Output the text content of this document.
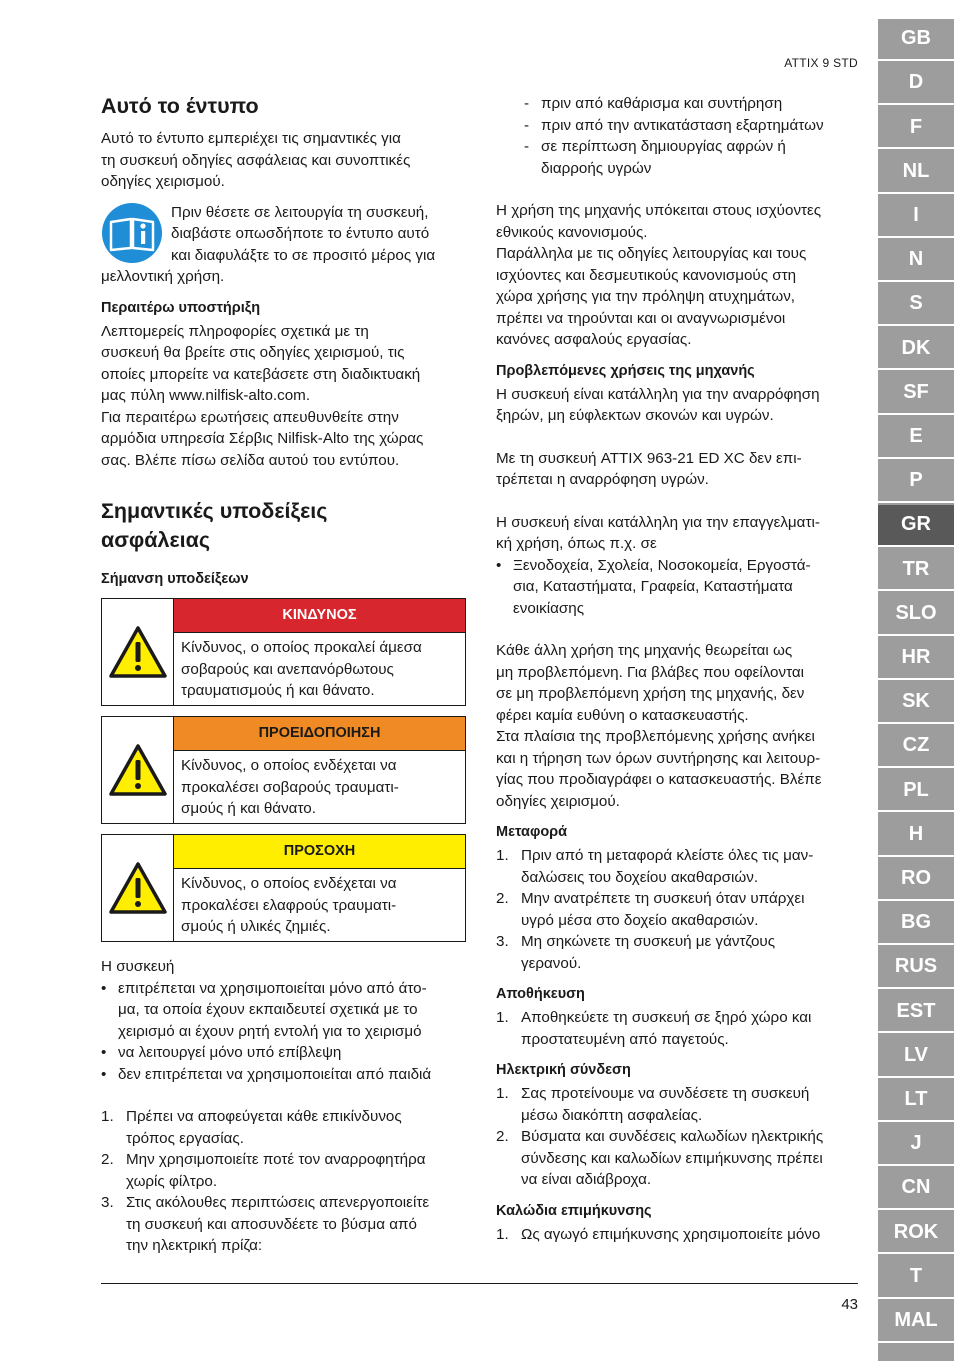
ATTIX 9 STD
Αυτό το έντυπο

Αυτό το έντυπο εμπεριέχει τις σημαντικές για
τη συσκευή οδηγίες ασφάλειας και συνοπτικές
οδηγίες χειρισμού.

Πριν θέσετε σε λειτουργία τη συσκευή,
διαβάστε οπωσδήποτε το έντυπο αυτό
και διαφυλάξτε το σε προσιτό μέρος για
μελλοντική χρήση.

Περαιτέρω υποστήριξη

Λεπτομερείς πληροφορίες σχετικά με τη
συσκευή θα βρείτε στις οδηγίες χειρισμού, τις
οποίες μπορείτε να κατεβάσετε στη διαδικτυακή
μας πύλη www.nilfisk-alto.com.
Για περαιτέρω ερωτήσεις απευθυνθείτε στην
αρμόδια υπηρεσία Σέρβις Nilfisk-Alto της χώρας
σας. Βλέπε πίσω σελίδα αυτού του εντύπου.

Σημαντικές υποδείξεις
ασφάλειας
Σήμανση υποδείξεων
ΚΙΝΔΥΝΟΣ
Κίνδυνος, ο οποίος προκαλεί άμεσα
σοβαρούς και ανεπανόρθωτους
τραυματισμούς ή και θάνατο.
ΠΡΟΕΙΔΟΠΟΙΗΣΗ
Κίνδυνος, ο οποίος ενδέχεται να
προκαλέσει σοβαρούς τραυματι-
σμούς ή και θάνατο.
ΠΡΟΣΟΧΗ
Κίνδυνος, ο οποίος ενδέχεται να
προκαλέσει ελαφρούς τραυματι-
σμούς ή υλικές ζημιές.

Η συσκευή

• επιτρέπεται να χρησιμοποιείται μόνο από άτο-
μα, τα οποία έχουν εκπαιδευτεί σχετικά με το
χειρισμό αι έχουν ρητή εντολή για το χειρισμό
• να λειτουργεί μόνο υπό επίβλεψη
• δεν επιτρέπεται να χρησιμοποιείται από παιδιά
1. Πρέπει να αποφεύγεται κάθε επικίνδυνος
τρόπος εργασίας.
2. Μην χρησιμοποιείτε ποτέ τον αναρροφητήρα
χωρίς φίλτρο.
3. Στις ακόλουθες περιπτώσεις απενεργοποιείτε
τη συσκευή και αποσυνδέετε το βύσμα από
την ηλεκτρική πρίζα:
- πριν από καθάρισμα και συντήρηση
- πριν από την αντικατάσταση εξαρτημάτων
- σε περίπτωση δημιουργίας αφρών ή
διαρροής υγρών

Η χρήση της μηχανής υπόκειται στους ισχύοντες
εθνικούς κανονισμούς.
Παράλληλα με τις οδηγίες λειτουργίας και τους
ισχύοντες και δεσμευτικούς κανονισμούς στη
χώρα χρήσης για την πρόληψη ατυχημάτων,
πρέπει να τηρούνται και οι αναγνωρισμένοι
κανόνες ασφαλούς εργασίας.

Προβλεπόμενες χρήσεις της μηχανής

Η συσκευή είναι κατάλληλη για την αναρρόφηση
ξηρών, μη εύφλεκτων σκονών και υγρών.

Με τη συσκευή ATTIX 963-21 ED XC δεν επι-
τρέπεται η αναρρόφηση υγρών.

Η συσκευή είναι κατάλληλη για την επαγγελματι-
κή χρήση, όπως π.χ. σε

• Ξενοδοχεία, Σχολεία, Νοσοκομεία, Εργοστά-
σια, Καταστήματα, Γραφεία, Καταστήματα
ενοικίασης

Κάθε άλλη χρήση της μηχανής θεωρείται ως
μη προβλεπόμενη. Για βλάβες που οφείλονται
σε μη προβλεπόμενη χρήση της μηχανής, δεν
φέρει καμία ευθύνη ο κατασκευαστής.
Στα πλαίσια της προβλεπόμενης χρήσης ανήκει
και η τήρηση των όρων συντήρησης και λειτουρ-
γίας που προδιαγράφει ο κατασκευαστής. Βλέπε
οδηγίες χειρισμού.

Μεταφορά
1. Πριν από τη μεταφορά κλείστε όλες τις μαν-
δαλώσεις του δοχείου ακαθαρσιών.
2. Μην ανατρέπετε τη συσκευή όταν υπάρχει
υγρό μέσα στο δοχείο ακαθαρσιών.
3. Μη σηκώνετε τη συσκευή με γάντζους
γερανού.
Αποθήκευση
1. Αποθηκεύετε τη συσκευή σε ξηρό χώρο και
προστατευμένη από παγετούς.
Ηλεκτρική σύνδεση
1. Σας προτείνουμε να συνδέσετε τη συσκευή
μέσω διακόπτη ασφαλείας.
2. Βύσματα και συνδέσεις καλωδίων ηλεκτρικής
σύνδεσης και καλωδίων επιμήκυνσης πρέπει
να είναι αδιάβροχα.
Καλώδια επιμήκυνσης
1. Ως αγωγό επιμήκυνσης χρησιμοποιείτε μόνο
43
GB
D
F
NL
I
N
S
DK
SF
E
P
GR
TR
SLO
HR
SK
CZ
PL
H
RO
BG
RUS
EST
LV
LT
J
CN
ROK
T
MAL
